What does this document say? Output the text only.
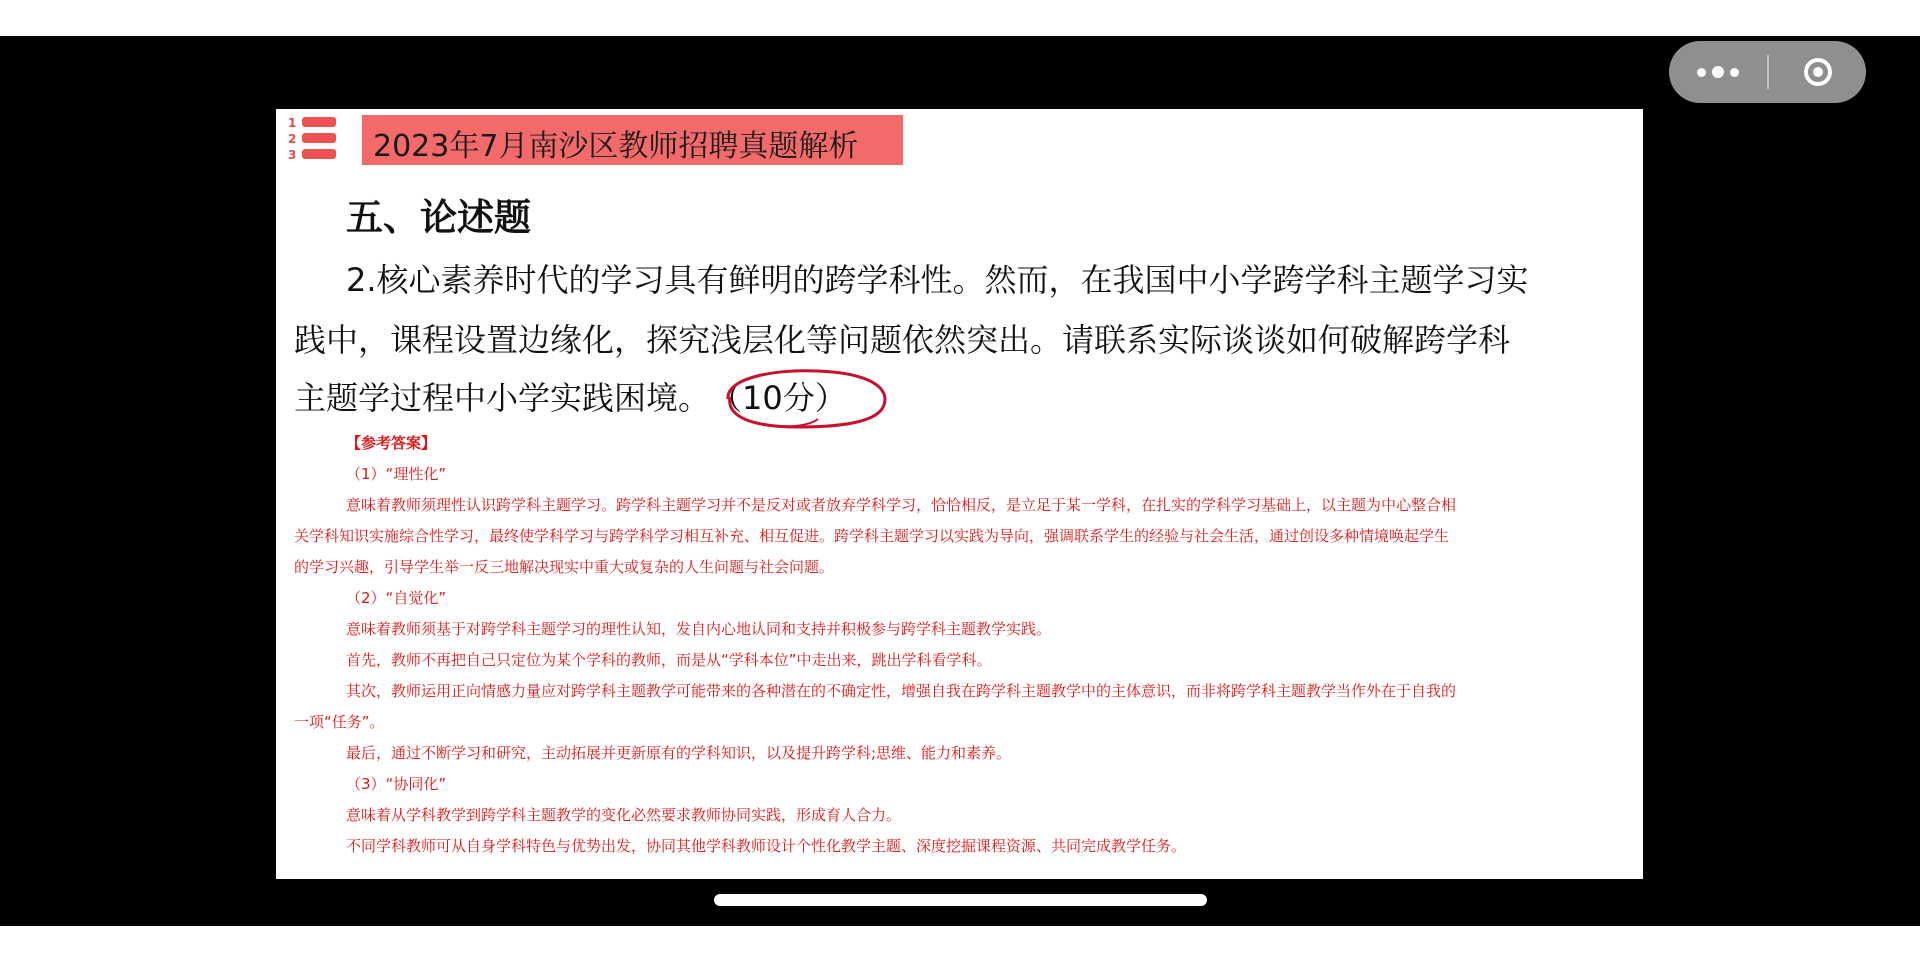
1
2
3	2023年7月南沙区教师招聘真题解析
五、论述题
2.核心素养时代的学习具有鲜明的跨学科性。然而，在我国中小学跨学科主题学习实
践中，课程设置边缘化，探究浅层化等问题依然突出。请联系实际谈谈如何破解跨学科
主题学过程中小学实践困境。 （10分）
【参考答案】
（1）“理性化”
意味着教师须理性认识跨学科主题学习。跨学科主题学习并不是反对或者放弃学科学习，恰恰相反，是立足于某一学科，在扎实的学科学习基础上，以主题为中心整合相
关学科知识实施综合性学习，最终使学科学习与跨学科学习相互补充、相互促进。跨学科主题学习以实践为导向，强调联系学生的经验与社会生活，通过创设多种情境唤起学生
的学习兴趣，引导学生举一反三地解决现实中重大或复杂的人生问题与社会问题。
（2）“自觉化”
意味着教师须基于对跨学科主题学习的理性认知，发自内心地认同和支持并积极参与跨学科主题教学实践。
首先，教师不再把自己只定位为某个学科的教师，而是从“学科本位”中走出来，跳出学科看学科。
其次，教师运用正向情感力量应对跨学科主题教学可能带来的各种潜在的不确定性，增强自我在跨学科主题教学中的主体意识，而非将跨学科主题教学当作外在于自我的
一项“任务”。
最后，通过不断学习和研究，主动拓展并更新原有的学科知识，以及提升跨学科;思维、能力和素养。
（3）“协同化”
意味着从学科教学到跨学科主题教学的变化必然要求教师协同实践，形成育人合力。
不同学科教师可从自身学科特色与优势出发，协同其他学科教师设计个性化教学主题、深度挖掘课程资源、共同完成教学任务。
